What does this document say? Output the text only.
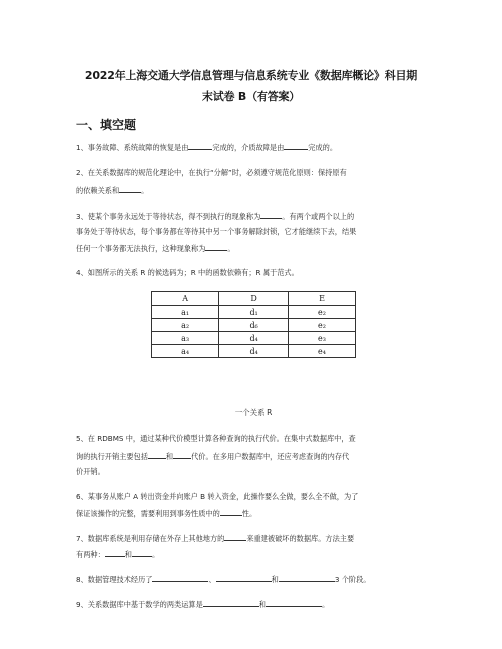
2022年上海交通大学信息管理与信息系统专业《数据库概论》科目期
末试卷 B（有答案）
一、填空题
1、事务故障、系统故障的恢复是由	完成的，介质故障是由	完成的。
2、在关系数据库的规范化理论中，在执行“分解”时，必须遵守规范化原则：保持原有
的依赖关系和	。
3、使某个事务永远处于等待状态，得不到执行的现象称为	。有两个或两个以上的
事务处于等待状态，每个事务都在等待其中另一个事务解除封锁，它才能继续下去，结果
任何一个事务都无法执行，这种现象称为	。
4、如图所示的关系 R 的候选码为；R 中的函数依赖有；R 属于范式。
A	D	E
a₁	d₁	e₂
a₂	d₆	e₂
a₃	d₄	e₃
a₄	d₄	e₄
一个关系 R
5、在 RDBMS 中，通过某种代价模型计算各种查询的执行代价。在集中式数据库中，查
询的执行开销主要包括	和	代价。在多用户数据库中，还应考虑查询的内存代
价开销。
6、某事务从账户 A 转出资金并向账户 B 转入资金，此操作要么全做，要么全不做，为了
保证该操作的完整，需要利用到事务性质中的	性。
7、数据库系统是利用存储在外存上其他地方的	来重建被破坏的数据库。方法主要
有两种：	和	。
8、数据管理技术经历了	、	和	3 个阶段。
9、关系数据库中基于数学的两类运算是	和	。
